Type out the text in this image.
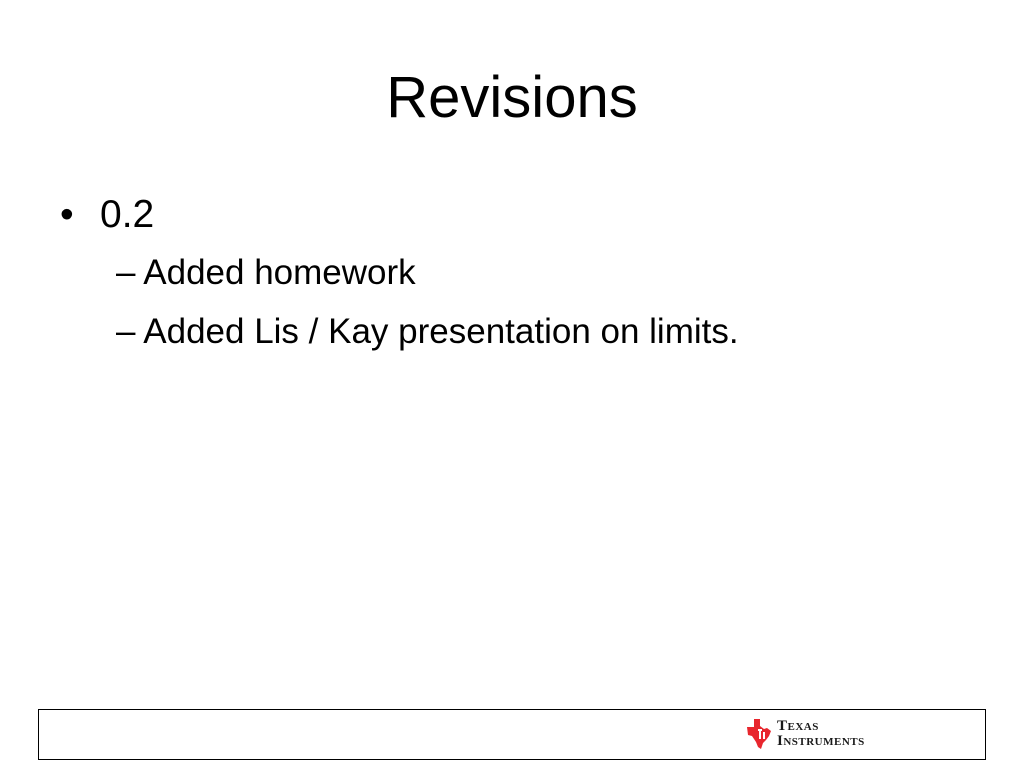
Revisions
• 0.2
– Added homework
– Added Lis / Kay presentation on limits.
TEXAS
INSTRUMENTS
